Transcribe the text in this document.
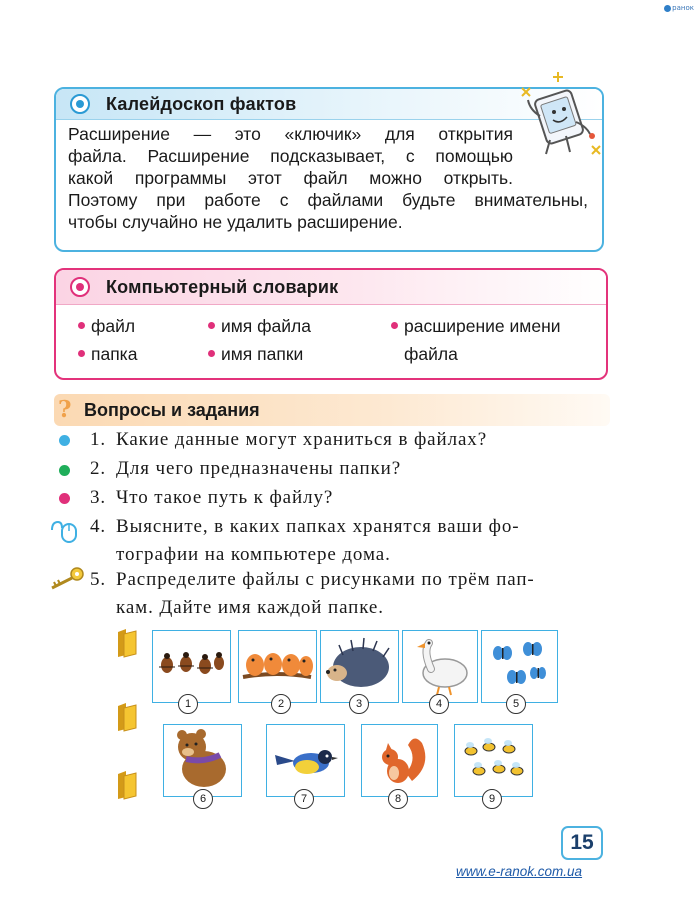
ранок
Калейдоскоп фактов
Расширение — это «ключик» для открытия
файла. Расширение подсказывает, с помощью
какой программы этот файл можно открыть.
Поэтому при работе с файлами будьте внимательны,
чтобы случайно не удалить расширение.
Компьютерный словарик
файл
папка
имя файла
имя папки
расширение имени
файла
? Вопросы и задания
1. Какие данные могут храниться в файлах?
2. Для чего предназначены папки?
3. Что такое путь к файлу?
4. Выясните, в каких папках хранятся ваши фо-
тографии на компьютере дома.
5. Распределите файлы с рисунками по трём пап-
кам. Дайте имя каждой папке.
1	2	3	4	5
6	7	8	9
15
www.e-ranok.com.ua
